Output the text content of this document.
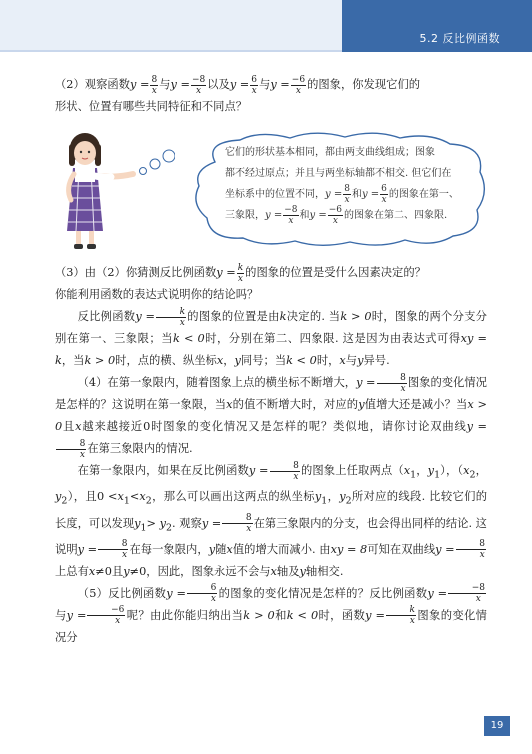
5.2 反比例函数

（2）观察函数$y = \frac{8}{x}$ 与$y = \frac{-8}{x}$ 以及$y = \frac{6}{x}$ 与$y = \frac{-6}{x}$ 的图象，你发现它们的
形状、位置有哪些共同特征和不同点？

它们的形状基本相同，都由两支曲线组成；图象
都不经过原点；并且与两坐标轴都不相交. 但它们在
坐标系中的位置不同，$y = \frac{8}{x}$ 和$y = \frac{6}{x}$ 的图象在第一、
三象限，$y = \frac{-8}{x}$ 和$y = \frac{-6}{x}$ 的图象在第二、四象限.

（3）由（2）你猜测反比例函数$y = \frac{k}{x}$ 的图象的位置是受什么因素决定的？
你能利用函数的表达式说明你的结论吗？

反比例函数$y = \frac{k}{x}$ 的图象的位置是由k决定的. 当k > 0时，图象的两个分支分别在第一、三象限；当k < 0时，分别在第二、四象限. 这是因为由表达式可得xy = k，当k > 0时，点的横、纵坐标x，y同号；当k < 0时，x与y异号.

（4）在第一象限内，随着图象上点的横坐标不断增大，$y = \frac{8}{x}$ 图象的变化情况是怎样的？这说明在第一象限，当x的值不断增大时，对应的y值增大还是减小？当x > 0且x越来越接近0时图象的变化情况又是怎样的呢？类似地，请你讨论双曲线y =
$\frac{8}{x}$ 在第三象限内的情况.

在第一象限内，如果在反比例函数$y = \frac{8}{x}$ 的图象上任取两点（$x_1$，$y_1$），（$x_2$，$y_2$），且$0 <x_1<x_2$，那么可以画出这两点的纵坐标$y_1$，$y_2$所对应的线段. 比较它们的长度，可以发现$y_1> y_2$. 观察$y = \frac{8}{x}$ 在第三象限内的分支，也会得出同样的结论. 这说明$y = \frac{8}{x}$ 在每一象限内，y随x值的增大而减小. 由xy = 8可知在双曲线$y = \frac{8}{x}$
上总有x≠0且y≠0，因此，图象永远不会与x轴及y轴相交.

（5）反比例函数$y = \frac{6}{x}$ 的图象的变化情况是怎样的？反比例函数$y = \frac{-8}{x}$
与$y = \frac{-6}{x}$ 呢？由此你能归纳出当k > 0和k < 0时，函数$y = \frac{k}{x}$ 图象的变化情况分

19
